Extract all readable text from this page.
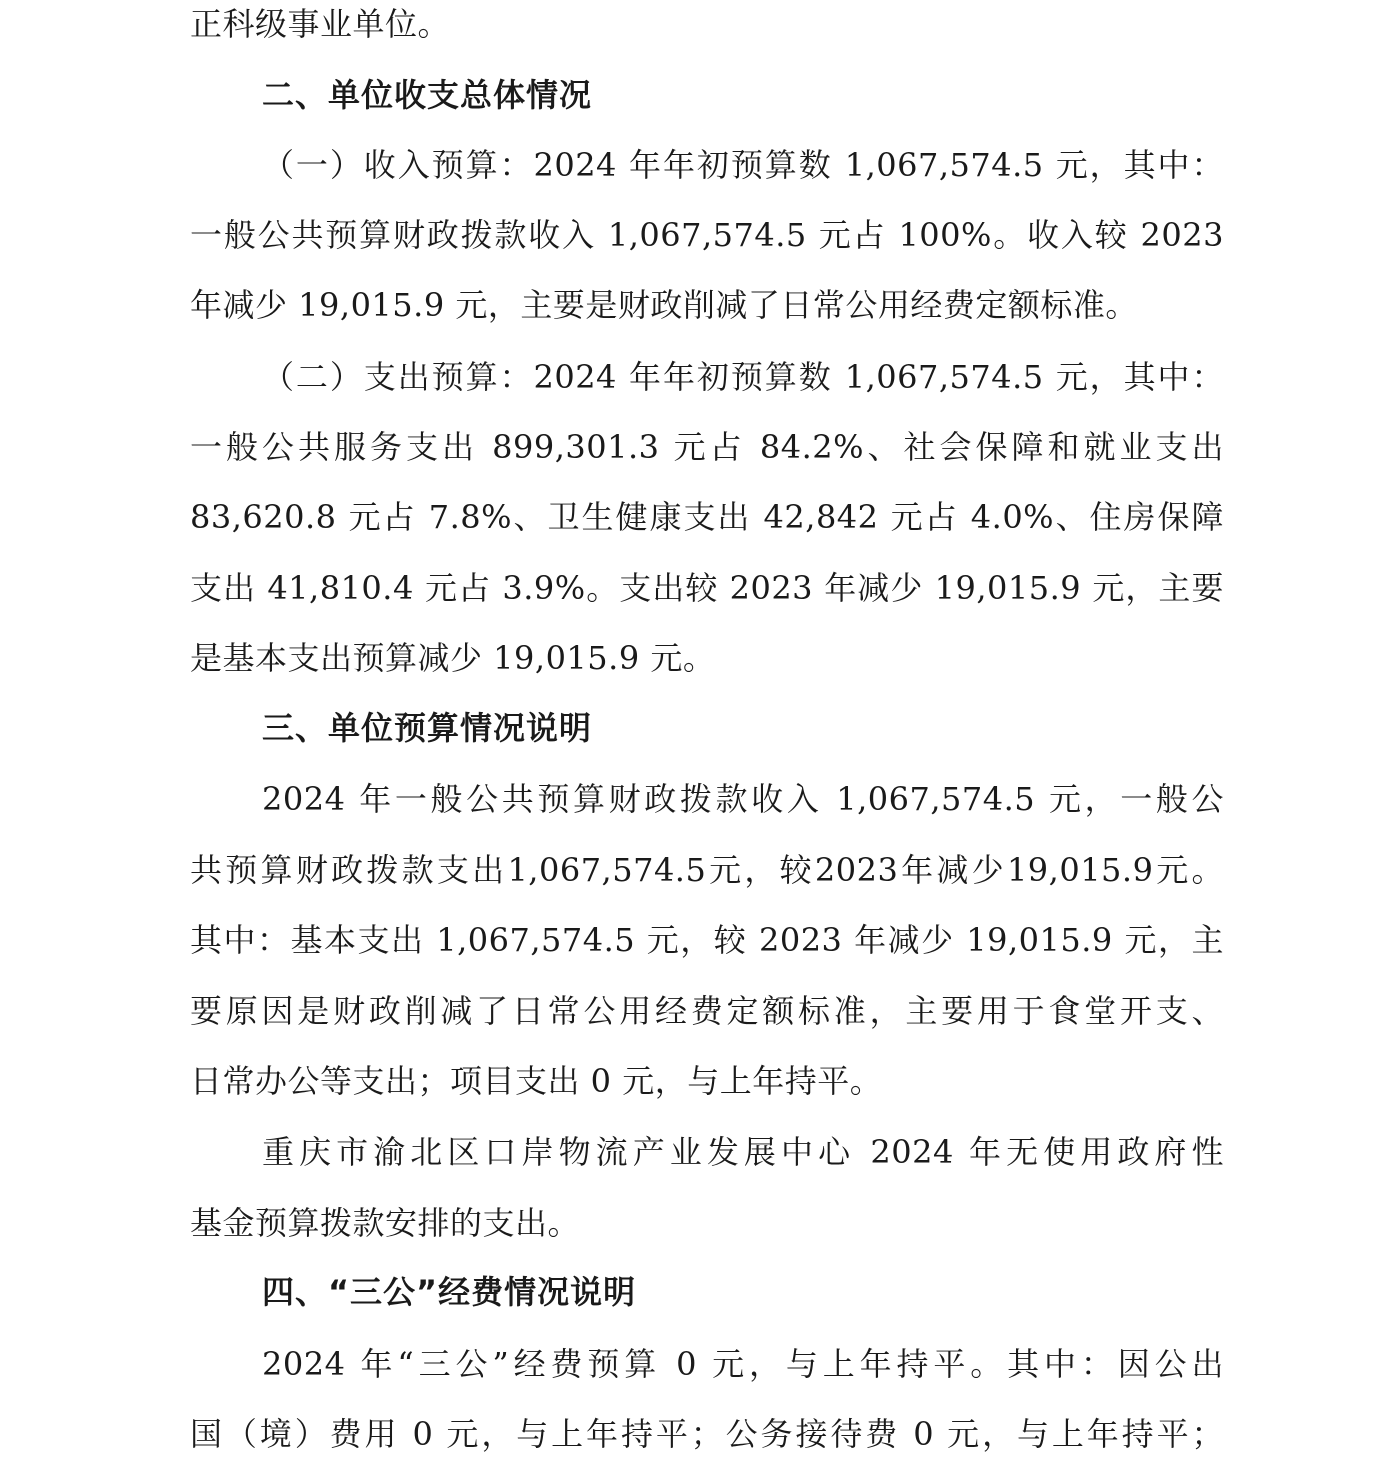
正科级事业单位。
二、单位收支总体情况
（一）收入预算：2024 年年初预算数 1,067,574.5 元，其中：
一般公共预算财政拨款收入 1,067,574.5 元占 100%。收入较 2023
年减少 19,015.9 元，主要是财政削减了日常公用经费定额标准。
（二）支出预算：2024 年年初预算数 1,067,574.5 元，其中：
一般公共服务支出 899,301.3 元占 84.2%、社会保障和就业支出
83,620.8 元占 7.8%、卫生健康支出 42,842 元占 4.0%、住房保障
支出 41,810.4 元占 3.9%。支出较 2023 年减少 19,015.9 元，主要
是基本支出预算减少 19,015.9 元。
三、单位预算情况说明
2024 年一般公共预算财政拨款收入 1,067,574.5 元，一般公
共预算财政拨款支出1,067,574.5元，较2023年减少19,015.9元。
其中：基本支出 1,067,574.5 元，较 2023 年减少 19,015.9 元，主
要原因是财政削减了日常公用经费定额标准，主要用于食堂开支、
日常办公等支出；项目支出 0 元，与上年持平。
重庆市渝北区口岸物流产业发展中心 2024 年无使用政府性
基金预算拨款安排的支出。
四、“三公”经费情况说明
2024 年“三公”经费预算 0 元，与上年持平。其中：因公出
国（境）费用 0 元，与上年持平；公务接待费 0 元，与上年持平；
